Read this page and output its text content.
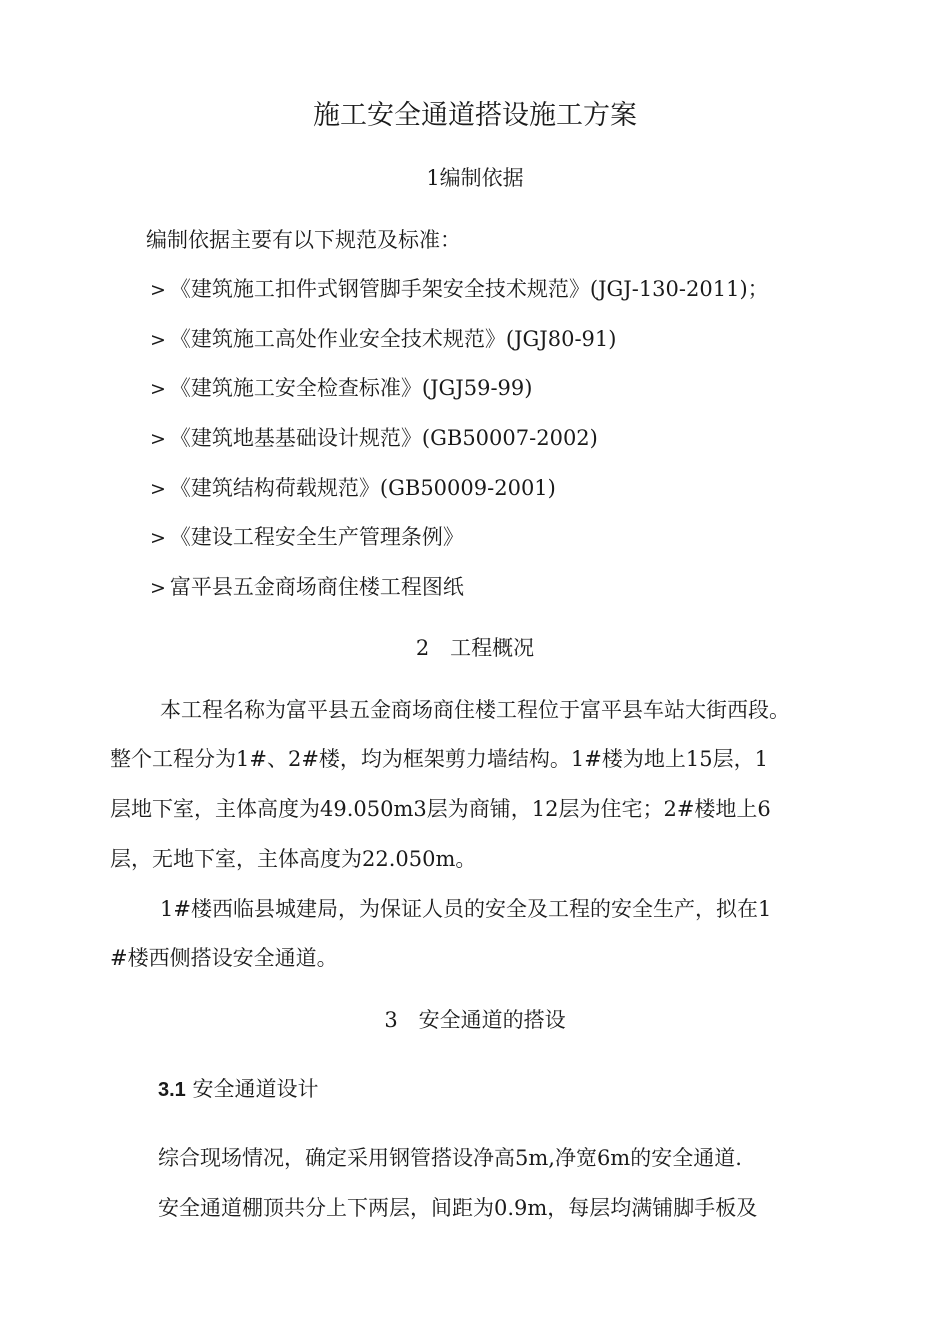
施工安全通道搭设施工方案
1编制依据
编制依据主要有以下规范及标准：
> 《建筑施工扣件式钢管脚手架安全技术规范》(JGJ-130-2011)；
> 《建筑施工高处作业安全技术规范》(JGJ80-91)
> 《建筑施工安全检查标准》(JGJ59-99)
> 《建筑地基基础设计规范》(GB50007-2002)
> 《建筑结构荷载规范》(GB50009-2001)
> 《建设工程安全生产管理条例》
> 富平县五金商场商住楼工程图纸
2　工程概况
本工程名称为富平县五金商场商住楼工程位于富平县车站大街西段。
整个工程分为1#、2#楼，均为框架剪力墙结构。1#楼为地上15层，1
层地下室，主体高度为49.050m3层为商铺，12层为住宅；2#楼地上6
层，无地下室，主体高度为22.050m。
1#楼西临县城建局，为保证人员的安全及工程的安全生产，拟在1
#楼西侧搭设安全通道。
3　安全通道的搭设
3.1 安全通道设计
综合现场情况，确定采用钢管搭设净高5m,净宽6m的安全通道.
安全通道棚顶共分上下两层，间距为0.9m，每层均满铺脚手板及
